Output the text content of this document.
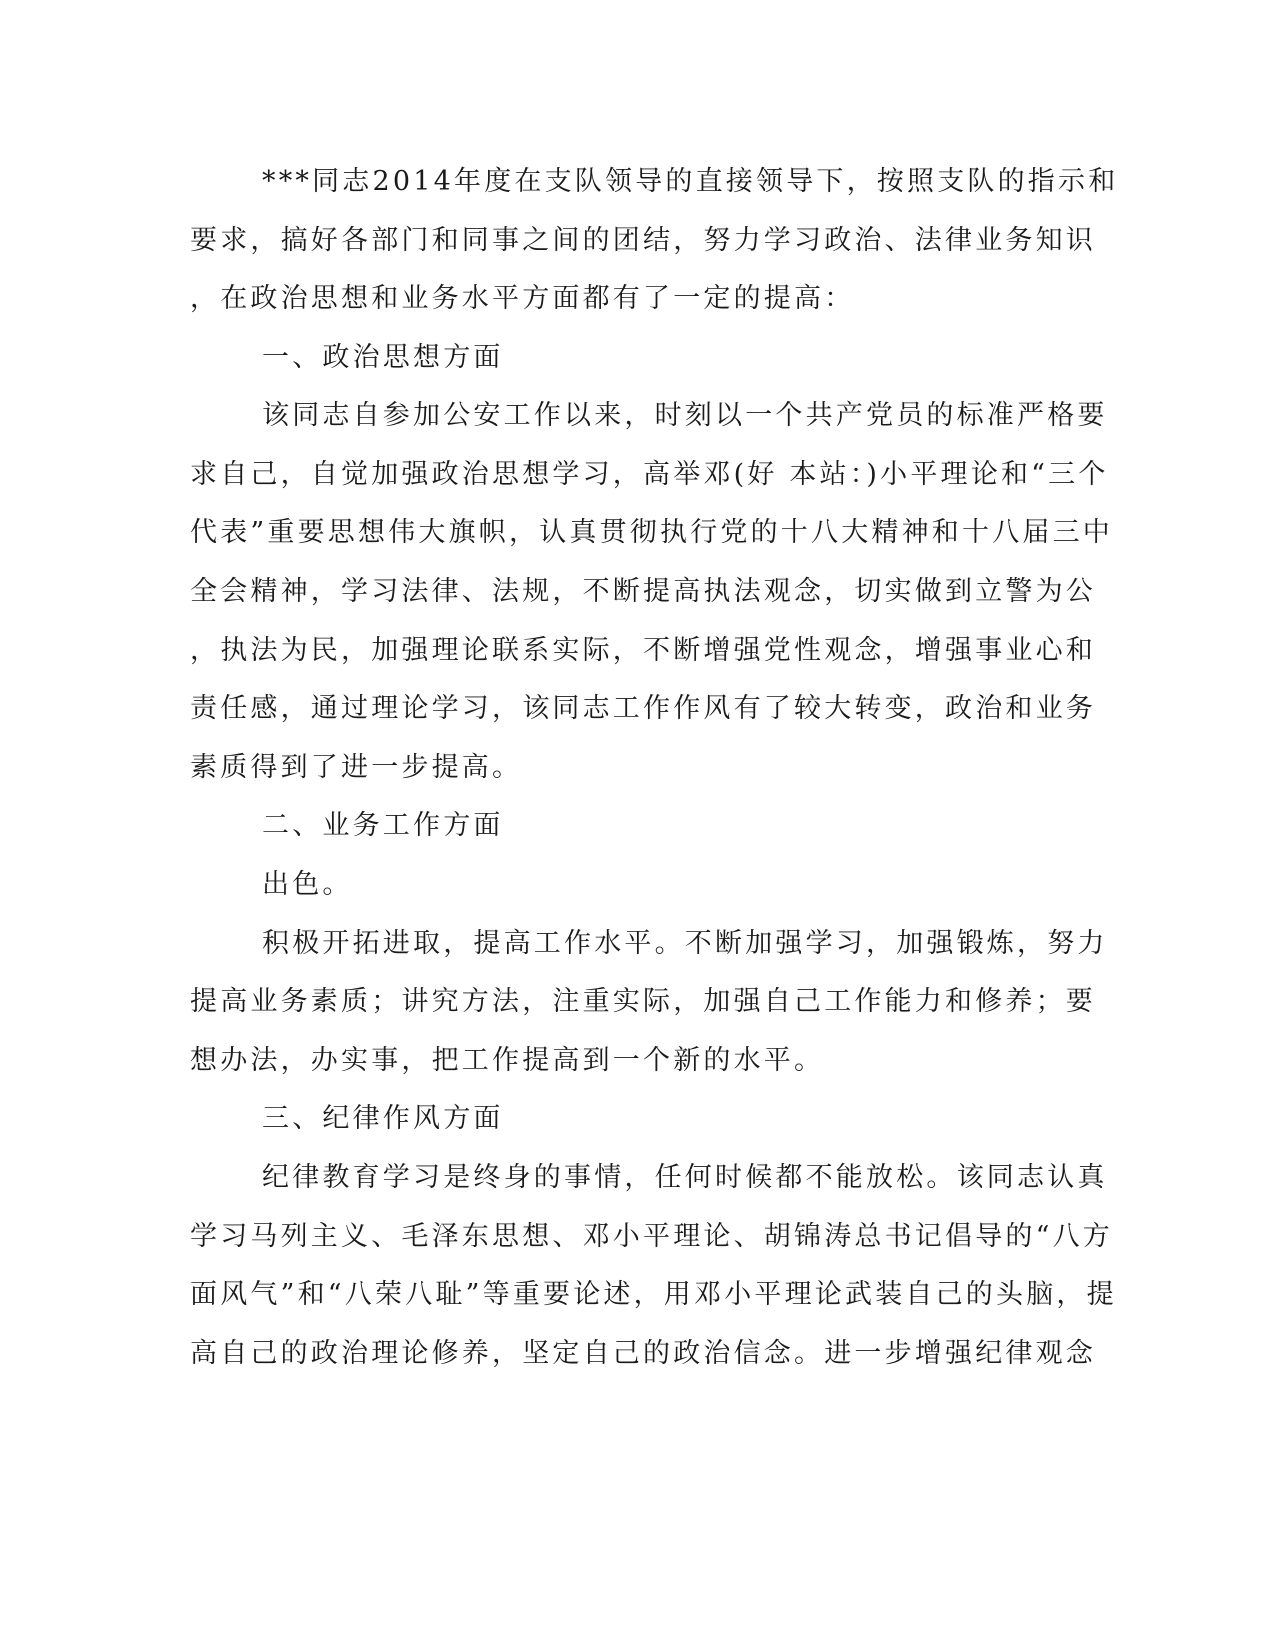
***同志2014年度在支队领导的直接领导下，按照支队的指示和
要求，搞好各部门和同事之间的团结，努力学习政治、法律业务知识
，在政治思想和业务水平方面都有了一定的提高：
一、政治思想方面
该同志自参加公安工作以来，时刻以一个共产党员的标准严格要
求自己，自觉加强政治思想学习，高举邓(好 本站：)小平理论和“三个
代表”重要思想伟大旗帜，认真贯彻执行党的十八大精神和十八届三中
全会精神，学习法律、法规，不断提高执法观念，切实做到立警为公
，执法为民，加强理论联系实际，不断增强党性观念，增强事业心和
责任感，通过理论学习，该同志工作作风有了较大转变，政治和业务
素质得到了进一步提高。
二、业务工作方面
出色。
积极开拓进取，提高工作水平。不断加强学习，加强锻炼，努力
提高业务素质；讲究方法，注重实际，加强自己工作能力和修养；要
想办法，办实事，把工作提高到一个新的水平。
三、纪律作风方面
纪律教育学习是终身的事情，任何时候都不能放松。该同志认真
学习马列主义、毛泽东思想、邓小平理论、胡锦涛总书记倡导的“八方
面风气”和“八荣八耻”等重要论述，用邓小平理论武装自己的头脑，提
高自己的政治理论修养，坚定自己的政治信念。进一步增强纪律观念
